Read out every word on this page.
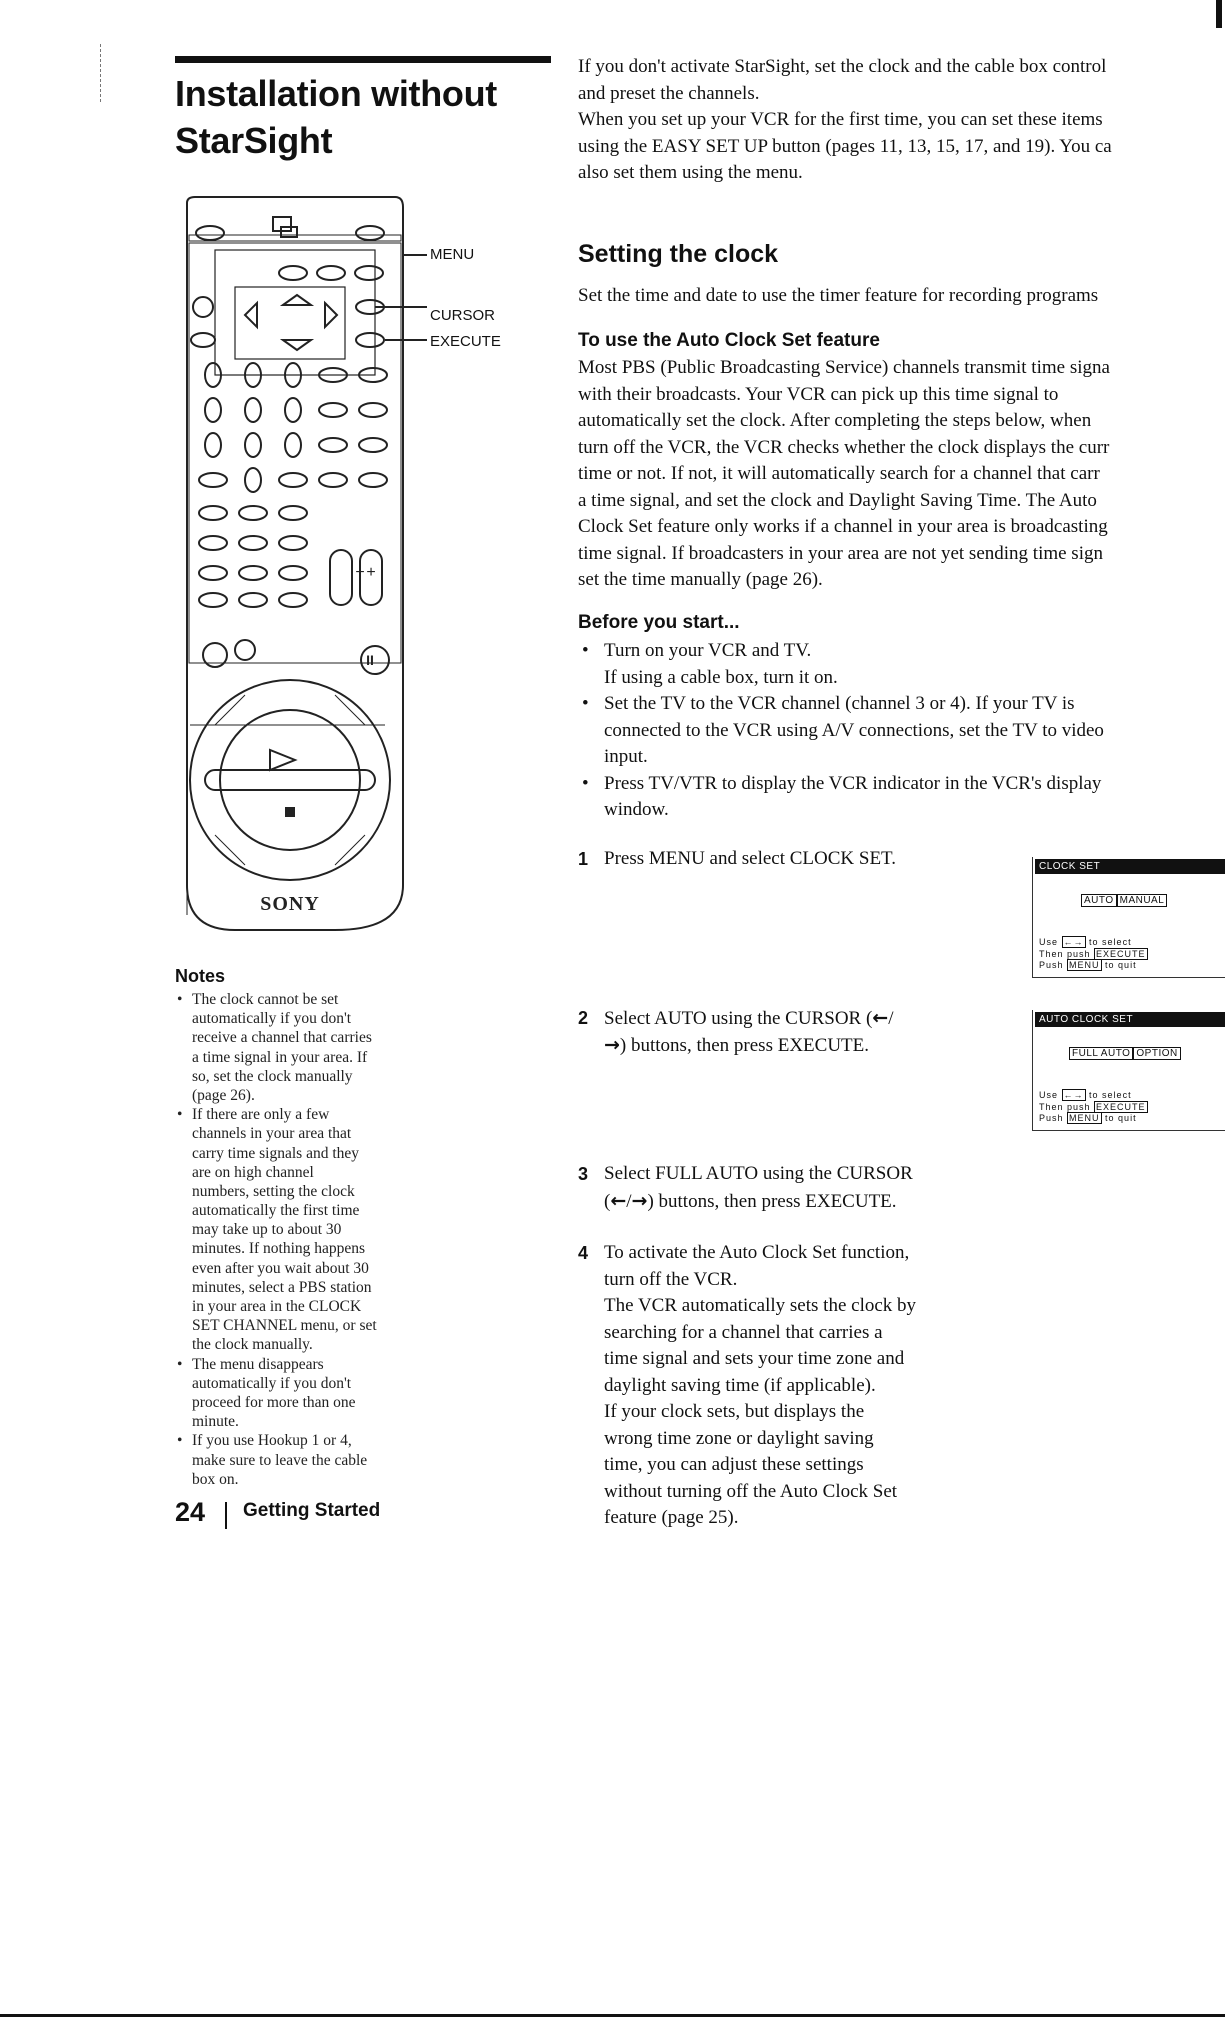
Installation without
StarSight
If you don't activate StarSight, set the clock and the cable box control
and preset the channels.
When you set up your VCR for the first time, you can set these items
using the EASY SET UP button (pages 11, 13, 15, 17, and 19). You ca
also set them using the menu.
II
+ +
SONY
MENU
CURSOR
EXECUTE
Setting the clock
Set the time and date to use the timer feature for recording programs
To use the Auto Clock Set feature
Most PBS (Public Broadcasting Service) channels transmit time signa
with their broadcasts. Your VCR can pick up this time signal to
automatically set the clock. After completing the steps below, when
turn off the VCR, the VCR checks whether the clock displays the curr
time or not. If not, it will automatically search for a channel that carr
a time signal, and set the clock and Daylight Saving Time. The Auto
Clock Set feature only works if a channel in your area is broadcasting
time signal. If broadcasters in your area are not yet sending time sign
set the time manually (page 26).
Before you start...
• Turn on your VCR and TV.
If using a cable box, turn it on.
• Set the TV to the VCR channel (channel 3 or 4). If your TV is
connected to the VCR using A/V connections, set the TV to video
input.
• Press TV/VTR to display the VCR indicator in the VCR's display
window.
1 Press MENU and select CLOCK SET.
2 Select AUTO using the CURSOR (←/
→) buttons, then press EXECUTE.
3 Select FULL AUTO using the CURSOR
(←/→) buttons, then press EXECUTE.
4 To activate the Auto Clock Set function,
turn off the VCR.
The VCR automatically sets the clock by
searching for a channel that carries a
time signal and sets your time zone and
daylight saving time (if applicable).
If your clock sets, but displays the
wrong time zone or daylight saving
time, you can adjust these settings
without turning off the Auto Clock Set
feature (page 25).
CLOCK SET
AUTO MANUAL
Use ←→ to select
Then push EXECUTE
Push MENU to quit
AUTO CLOCK SET
FULL AUTO OPTION
Use ←→ to select
Then push EXECUTE
Push MENU to quit
Notes
• The clock cannot be set
automatically if you don't
receive a channel that carries
a time signal in your area. If
so, set the clock manually
(page 26).
• If there are only a few
channels in your area that
carry time signals and they
are on high channel
numbers, setting the clock
automatically the first time
may take up to about 30
minutes. If nothing happens
even after you wait about 30
minutes, select a PBS station
in your area in the CLOCK
SET CHANNEL menu, or set
the clock manually.
• The menu disappears
automatically if you don't
proceed for more than one
minute.
• If you use Hookup 1 or 4,
make sure to leave the cable
box on.
24 Getting Started
